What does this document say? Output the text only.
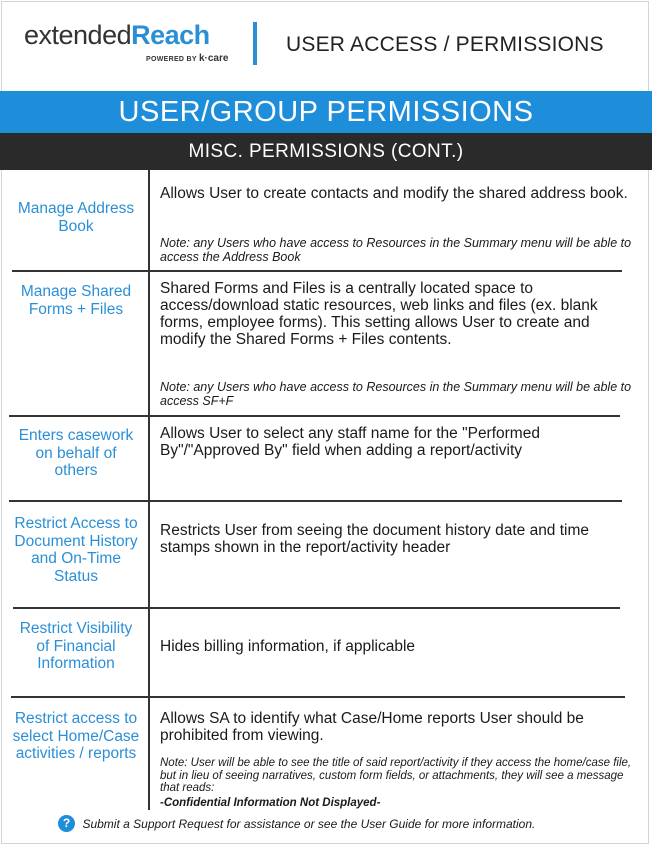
extendedReach
POWERED BY k·care
USER ACCESS / PERMISSIONS
USER/GROUP PERMISSIONS
MISC. PERMISSIONS (CONT.)
Manage Address Book
Allows User to create contacts and modify the shared address book.
Note: any Users who have access to Resources in the Summary menu will be able to access the Address Book
Manage Shared Forms + Files
Shared Forms and Files is a centrally located space to access/download static resources, web links and files (ex. blank forms, employee forms). This setting allows User to create and modify the Shared Forms + Files contents.
Note: any Users who have access to Resources in the Summary menu will be able to access SF+F
Enters casework on behalf of others
Allows User to select any staff name for the "Performed By"/"Approved By" field when adding a report/activity
Restrict Access to Document History and On-Time Status
Restricts User from seeing the document history date and time stamps shown in the report/activity header
Restrict Visibility of Financial Information
Hides billing information, if applicable
Restrict access to select Home/Case activities / reports
Allows SA to identify what Case/Home reports User should be prohibited from viewing.
Note: User will be able to see the title of said report/activity if they access the home/case file, but in lieu of seeing narratives, custom form fields, or attachments, they will see a message that reads:
-Confidential Information Not Displayed-
? Submit a Support Request for assistance or see the User Guide for more information.
